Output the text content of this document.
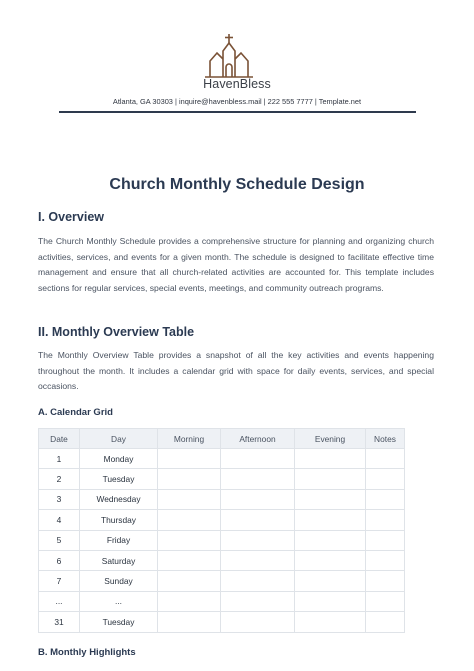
HavenBless
Atlanta, GA 30303 | inquire@havenbless.mail | 222 555 7777 | Template.net
Church Monthly Schedule Design
I. Overview

The Church Monthly Schedule provides a comprehensive structure for planning and organizing church activities, services, and events for a given month. The schedule is designed to facilitate effective time management and ensure that all church-related activities are accounted for. This template includes sections for regular services, special events, meetings, and community outreach programs.

II. Monthly Overview Table

The Monthly Overview Table provides a snapshot of all the key activities and events happening throughout the month. It includes a calendar grid with space for daily events, services, and special occasions.

A. Calendar Grid
Date	Day	Morning	Afternoon	Evening	Notes
1	Monday				
2	Tuesday				
3	Wednesday				
4	Thursday				
5	Friday				
6	Saturday				
7	Sunday				
...	...				
31	Tuesday				
B. Monthly Highlights
